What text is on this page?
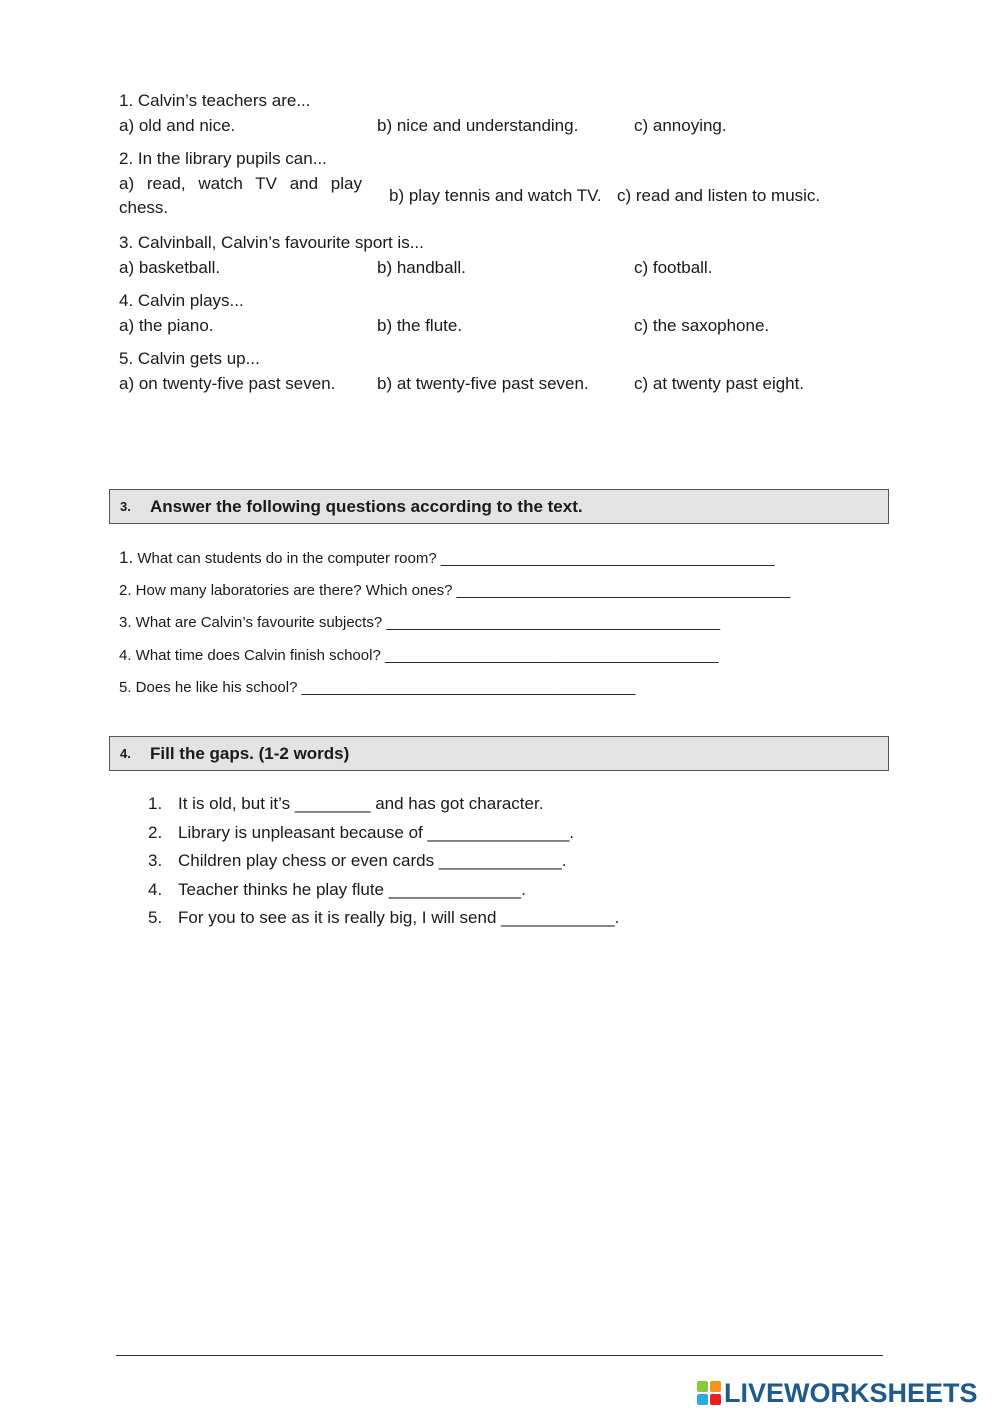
1. Calvin’s teachers are...
a) old and nice.	b) nice and understanding.	c) annoying.
2. In the library pupils can...
a) read, watch TV and play chess.
b) play tennis and watch TV. c) read and listen to music.
3. Calvinball, Calvin’s favourite sport is...
a) basketball.	b) handball.	c) football.
4. Calvin plays...
a) the piano.	b) the flute.	c) the saxophone.
5. Calvin gets up...
a) on twenty-five past seven.	b) at twenty-five past seven.	c) at twenty past eight.
3.	Answer the following questions according to the text.
1. What can students do in the computer room? ________________________________________
2. How many laboratories are there? Which ones? ________________________________________
3. What are Calvin’s favourite subjects? ________________________________________
4. What time does Calvin finish school? ________________________________________
5. Does he like his school? ________________________________________
4.	Fill the gaps. (1-2 words)
1. It is old, but it’s ________ and has got character.
2. Library is unpleasant because of _______________.
3. Children play chess or even cards _____________.
4. Teacher thinks he play flute ______________.
5. For you to see as it is really big, I will send ____________.
LIVEWORKSHEETS
